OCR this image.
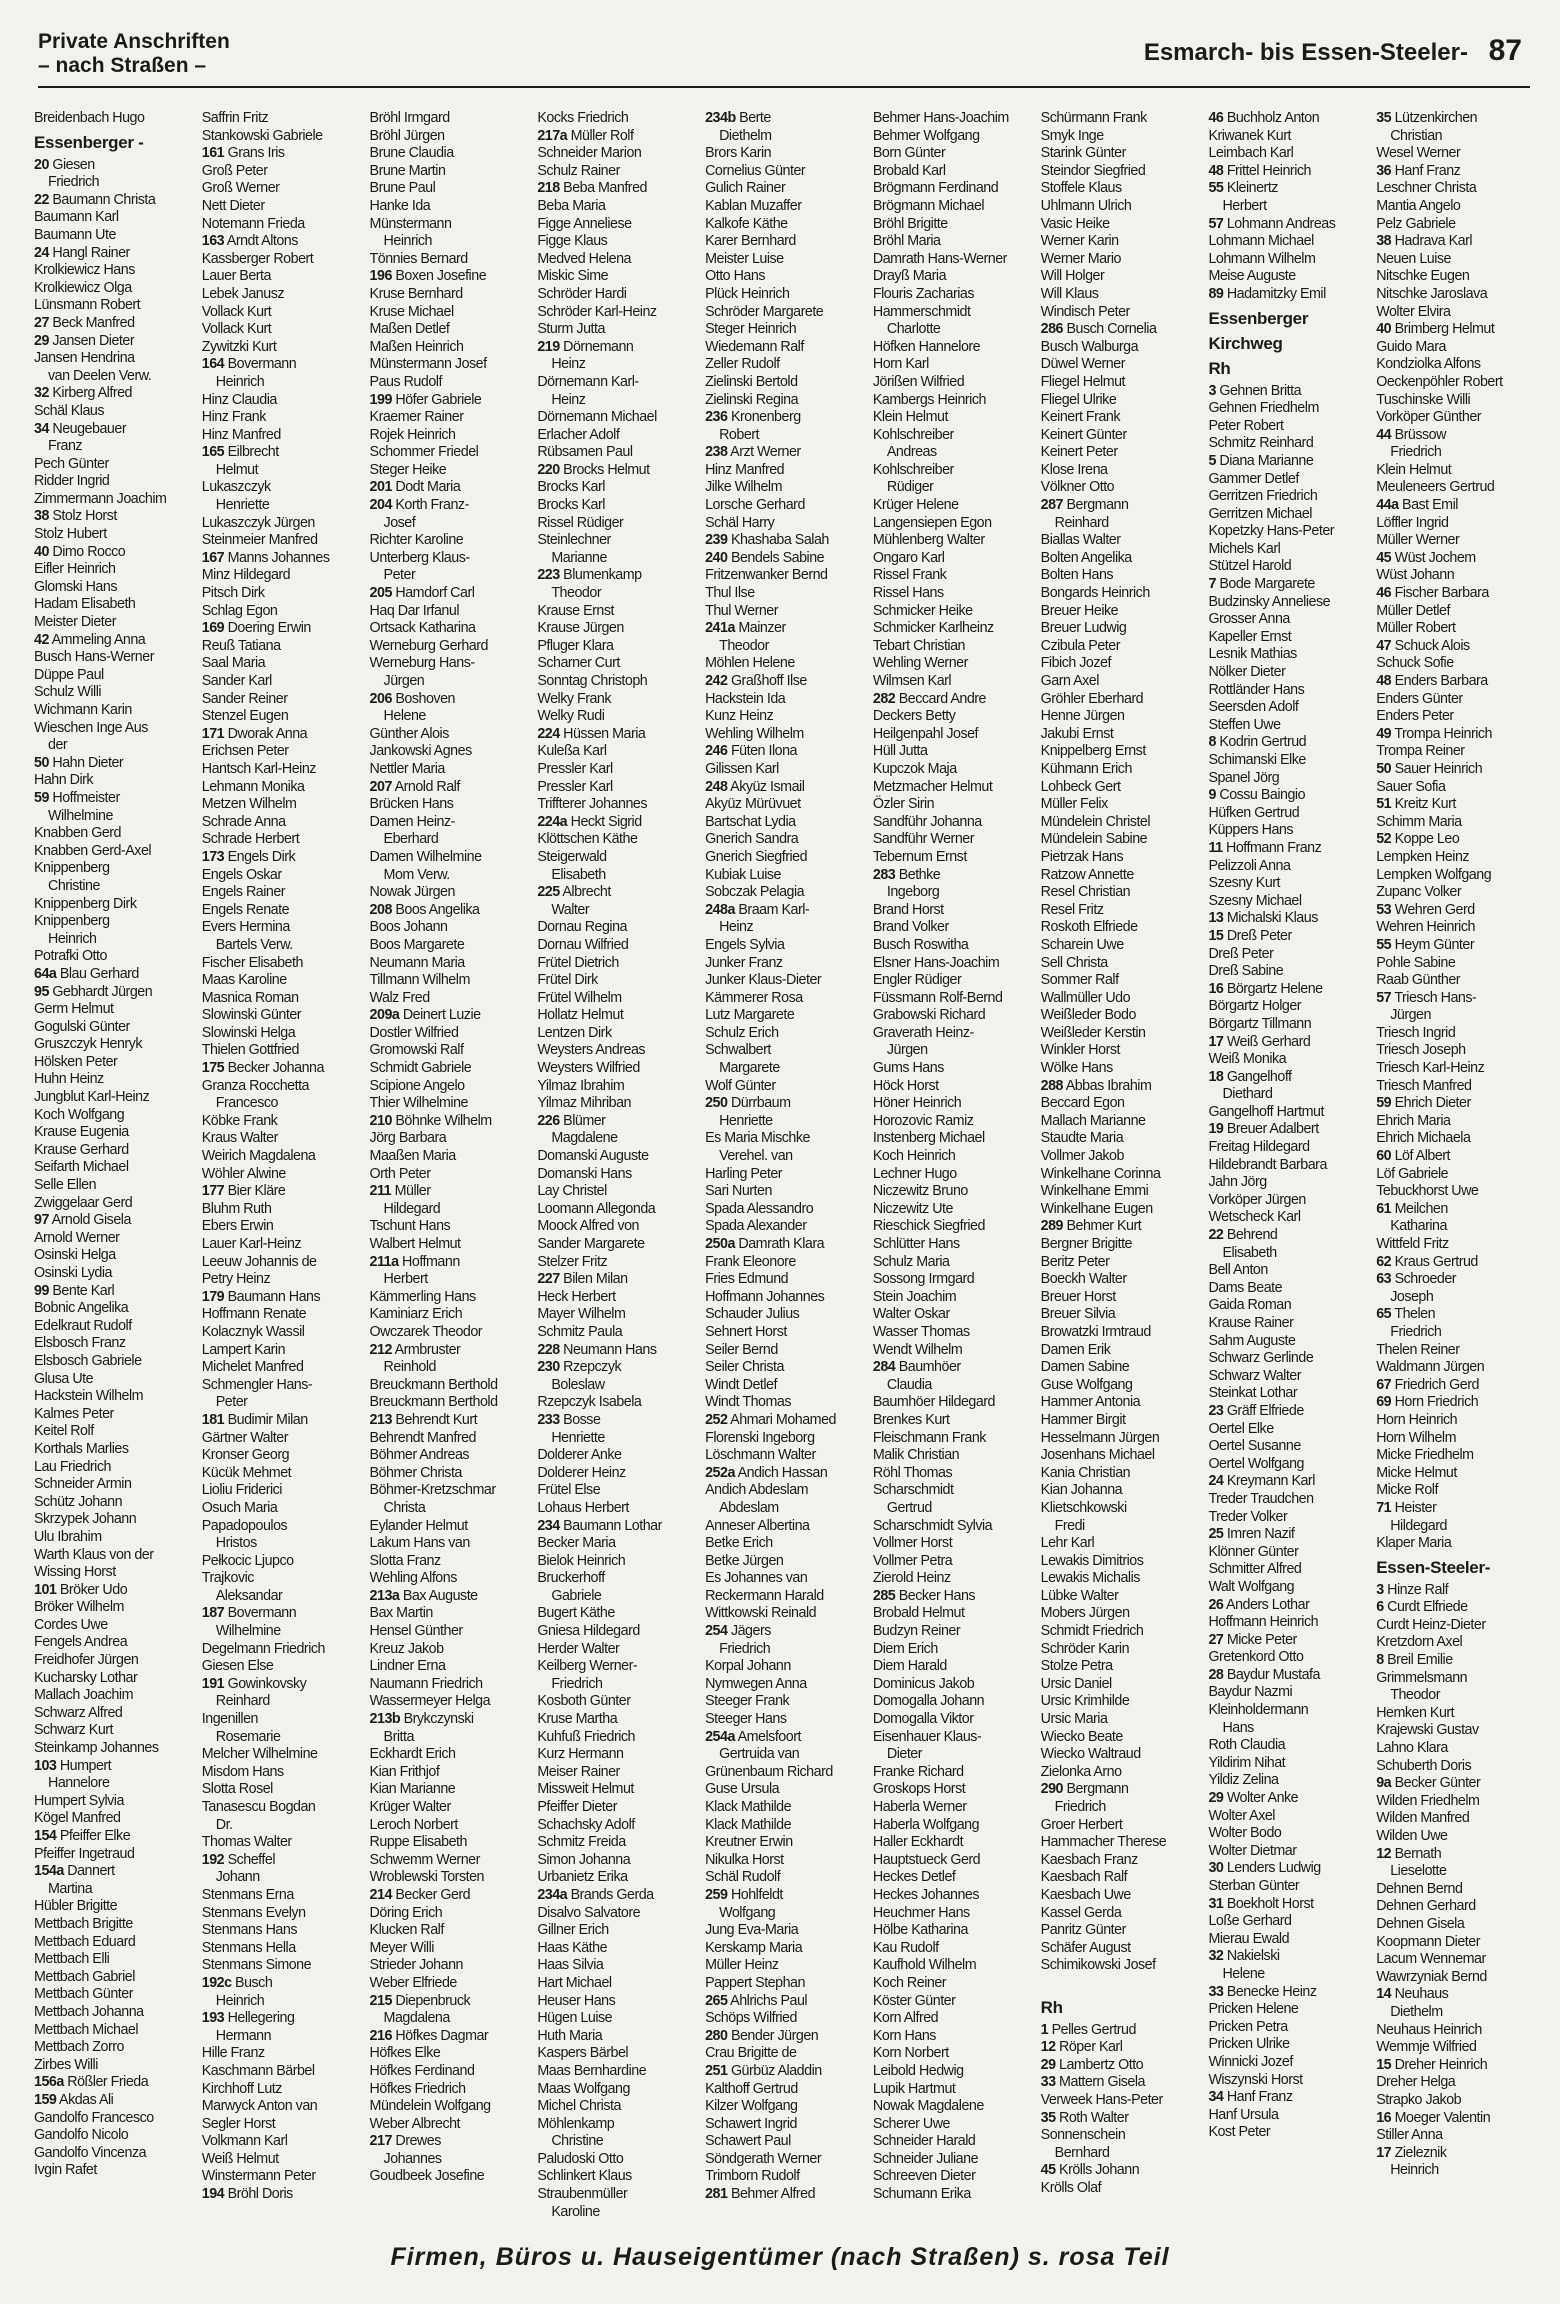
Private Anschriften
– nach Straßen –	Esmarch- bis Essen-Steeler- 87
Breidenbach Hugo
Essenberger -
20 Giesen
Friedrich
22 Baumann Christa
Baumann Karl
Baumann Ute
24 Hangl Rainer
Krolkiewicz Hans
Krolkiewicz Olga
Lünsmann Robert
27 Beck Manfred
29 Jansen Dieter
Jansen Hendrina
van Deelen Verw.
32 Kirberg Alfred
Schäl Klaus
34 Neugebauer
Franz
Pech Günter
Ridder Ingrid
Zimmermann Joachim
38 Stolz Horst
Stolz Hubert
40 Dimo Rocco
Eifler Heinrich
Glomski Hans
Hadam Elisabeth
Meister Dieter
42 Ammeling Anna
Busch Hans-Werner
Düppe Paul
Schulz Willi
Wichmann Karin
Wieschen Inge Aus
der
50 Hahn Dieter
Hahn Dirk
59 Hoffmeister
Wilhelmine
Knabben Gerd
Knabben Gerd-Axel
Knippenberg
Christine
Knippenberg Dirk
Knippenberg
Heinrich
Potrafki Otto
64a Blau Gerhard
95 Gebhardt Jürgen
Germ Helmut
Gogulski Günter
Gruszczyk Henryk
Hölsken Peter
Huhn Heinz
Jungblut Karl-Heinz
Koch Wolfgang
Krause Eugenia
Krause Gerhard
Seifarth Michael
Selle Ellen
Zwiggelaar Gerd
97 Arnold Gisela
Arnold Werner
Osinski Helga
Osinski Lydia
99 Bente Karl
Bobnic Angelika
Edelkraut Rudolf
Elsbosch Franz
Elsbosch Gabriele
Glusa Ute
Hackstein Wilhelm
Kalmes Peter
Keitel Rolf
Korthals Marlies
Lau Friedrich
Schneider Armin
Schütz Johann
Skrzypek Johann
Ulu Ibrahim
Warth Klaus von der
Wissing Horst
101 Bröker Udo
Bröker Wilhelm
Cordes Uwe
Fengels Andrea
Freidhofer Jürgen
Kucharsky Lothar
Mallach Joachim
Schwarz Alfred
Schwarz Kurt
Steinkamp Johannes
103 Humpert
Hannelore
Humpert Sylvia
Kögel Manfred
154 Pfeiffer Elke
Pfeiffer Ingetraud
154a Dannert
Martina
Hübler Brigitte
Mettbach Brigitte
Mettbach Eduard
Mettbach Elli
Mettbach Gabriel
Mettbach Günter
Mettbach Johanna
Mettbach Michael
Mettbach Zorro
Zirbes Willi
156a Rößler Frieda
159 Akdas Ali
Gandolfo Francesco
Gandolfo Nicolo
Gandolfo Vincenza
Ivgin Rafet
Saffrin Fritz
Stankowski Gabriele
161 Grans Iris
Groß Peter
Groß Werner
Nett Dieter
Notemann Frieda
163 Arndt Altons
Kassberger Robert
Lauer Berta
Lebek Janusz
Vollack Kurt
Vollack Kurt
Zywitzki Kurt
164 Bovermann
Heinrich
Hinz Claudia
Hinz Frank
Hinz Manfred
165 Eilbrecht
Helmut
Lukaszczyk
Henriette
Lukaszczyk Jürgen
Steinmeier Manfred
167 Manns Johannes
Minz Hildegard
Pitsch Dirk
Schlag Egon
169 Doering Erwin
Reuß Tatiana
Saal Maria
Sander Karl
Sander Reiner
Stenzel Eugen
171 Dworak Anna
Erichsen Peter
Hantsch Karl-Heinz
Lehmann Monika
Metzen Wilhelm
Schrade Anna
Schrade Herbert
173 Engels Dirk
Engels Oskar
Engels Rainer
Engels Renate
Evers Hermina
Bartels Verw.
Fischer Elisabeth
Maas Karoline
Masnica Roman
Slowinski Günter
Slowinski Helga
Thielen Gottfried
175 Becker Johanna
Granza Rocchetta
Francesco
Köbke Frank
Kraus Walter
Weirich Magdalena
Wöhler Alwine
177 Bier Kläre
Bluhm Ruth
Ebers Erwin
Lauer Karl-Heinz
Leeuw Johannis de
Petry Heinz
179 Baumann Hans
Hoffmann Renate
Kolacznyk Wassil
Lampert Karin
Michelet Manfred
Schmengler Hans-
Peter
181 Budimir Milan
Gärtner Walter
Kronser Georg
Kücük Mehmet
Lioliu Friderici
Osuch Maria
Papadopoulos
Hristos
Pełkocic Ljupco
Trajkovic
Aleksandar
187 Bovermann
Wilhelmine
Degelmann Friedrich
Giesen Else
191 Gowinkovsky
Reinhard
Ingenillen
Rosemarie
Melcher Wilhelmine
Misdom Hans
Slotta Rosel
Tanasescu Bogdan
Dr.
Thomas Walter
192 Scheffel
Johann
Stenmans Erna
Stenmans Evelyn
Stenmans Hans
Stenmans Hella
Stenmans Simone
192c Busch
Heinrich
193 Hellegering
Hermann
Hille Franz
Kaschmann Bärbel
Kirchhoff Lutz
Marwyck Anton van
Segler Horst
Volkmann Karl
Weiß Helmut
Winstermann Peter
194 Bröhl Doris
Bröhl Irmgard
Bröhl Jürgen
Brune Claudia
Brune Martin
Brune Paul
Hanke Ida
Münstermann
Heinrich
Tönnies Bernard
196 Boxen Josefine
Kruse Bernhard
Kruse Michael
Maßen Detlef
Maßen Heinrich
Münstermann Josef
Paus Rudolf
199 Höfer Gabriele
Kraemer Rainer
Rojek Heinrich
Schommer Friedel
Steger Heike
201 Dodt Maria
204 Korth Franz-
Josef
Richter Karoline
Unterberg Klaus-
Peter
205 Hamdorf Carl
Haq Dar Irfanul
Ortsack Katharina
Werneburg Gerhard
Werneburg Hans-
Jürgen
206 Boshoven
Helene
Günther Alois
Jankowski Agnes
Nettler Maria
207 Arnold Ralf
Brücken Hans
Damen Heinz-
Eberhard
Damen Wilhelmine
Mom Verw.
Nowak Jürgen
208 Boos Angelika
Boos Johann
Boos Margarete
Neumann Maria
Tillmann Wilhelm
Walz Fred
209a Deinert Luzie
Dostler Wilfried
Gromowski Ralf
Schmidt Gabriele
Scipione Angelo
Thier Wilhelmine
210 Böhnke Wilhelm
Jörg Barbara
Maaßen Maria
Orth Peter
211 Müller
Hildegard
Tschunt Hans
Walbert Helmut
211a Hoffmann
Herbert
Kämmerling Hans
Kaminiarz Erich
Owczarek Theodor
212 Armbruster
Reinhold
Breuckmann Berthold
Breuckmann Berthold
213 Behrendt Kurt
Behrendt Manfred
Böhmer Andreas
Böhmer Christa
Böhmer-Kretzschmar
Christa
Eylander Helmut
Lakum Hans van
Slotta Franz
Wehling Alfons
213a Bax Auguste
Bax Martin
Hensel Günther
Kreuz Jakob
Lindner Erna
Naumann Friedrich
Wassermeyer Helga
213b Brykczynski
Britta
Eckhardt Erich
Kian Frithjof
Kian Marianne
Krüger Walter
Leroch Norbert
Ruppe Elisabeth
Schwemm Werner
Wroblewski Torsten
214 Becker Gerd
Döring Erich
Klucken Ralf
Meyer Willi
Strieder Johann
Weber Elfriede
215 Diepenbruck
Magdalena
216 Höfkes Dagmar
Höfkes Elke
Höfkes Ferdinand
Höfkes Friedrich
Mündelein Wolfgang
Weber Albrecht
217 Drewes
Johannes
Goudbeek Josefine
Kocks Friedrich
217a Müller Rolf
Schneider Marion
Schulz Rainer
218 Beba Manfred
Beba Maria
Figge Anneliese
Figge Klaus
Medved Helena
Miskic Sime
Schröder Hardi
Schröder Karl-Heinz
Sturm Jutta
219 Dörnemann
Heinz
Dörnemann Karl-
Heinz
Dörnemann Michael
Erlacher Adolf
Rübsamen Paul
220 Brocks Helmut
Brocks Karl
Brocks Karl
Rissel Rüdiger
Steinlechner
Marianne
223 Blumenkamp
Theodor
Krause Ernst
Krause Jürgen
Pfluger Klara
Scharner Curt
Sonntag Christoph
Welky Frank
Welky Rudi
224 Hüssen Maria
Kuleßa Karl
Pressler Karl
Pressler Karl
Triffterer Johannes
224a Heckt Sigrid
Klöttschen Käthe
Steigerwald
Elisabeth
225 Albrecht
Walter
Dornau Regina
Dornau Wilfried
Frütel Dietrich
Frütel Dirk
Frütel Wilhelm
Hollatz Helmut
Lentzen Dirk
Weysters Andreas
Weysters Wilfried
Yilmaz Ibrahim
Yilmaz Mihriban
226 Blümer
Magdalene
Domanski Auguste
Domanski Hans
Lay Christel
Loomann Allegonda
Moock Alfred von
Sander Margarete
Stelzer Fritz
227 Bilen Milan
Heck Herbert
Mayer Wilhelm
Schmitz Paula
228 Neumann Hans
230 Rzepczyk
Boleslaw
Rzepczyk Isabela
233 Bosse
Henriette
Dolderer Anke
Dolderer Heinz
Frütel Else
Lohaus Herbert
234 Baumann Lothar
Becker Maria
Bielok Heinrich
Bruckerhoff
Gabriele
Bugert Käthe
Gniesa Hildegard
Herder Walter
Keilberg Werner-
Friedrich
Kosboth Günter
Kruse Martha
Kuhfuß Friedrich
Kurz Hermann
Meiser Rainer
Missweit Helmut
Pfeiffer Dieter
Schachsky Adolf
Schmitz Freida
Simon Johanna
Urbanietz Erika
234a Brands Gerda
Disalvo Salvatore
Gillner Erich
Haas Käthe
Haas Silvia
Hart Michael
Heuser Hans
Hügen Luise
Huth Maria
Kaspers Bärbel
Maas Bernhardine
Maas Wolfgang
Michel Christa
Möhlenkamp
Christine
Paludoski Otto
Schlinkert Klaus
Straubenmüller
Karoline
234b Berte
Diethelm
Brors Karin
Cornelius Günter
Gulich Rainer
Kablan Muzaffer
Kalkofe Käthe
Karer Bernhard
Meister Luise
Otto Hans
Plück Heinrich
Schröder Margarete
Steger Heinrich
Wiedemann Ralf
Zeller Rudolf
Zielinski Bertold
Zielinski Regina
236 Kronenberg
Robert
238 Arzt Werner
Hinz Manfred
Jilke Wilhelm
Lorsche Gerhard
Schäl Harry
239 Khashaba Salah
240 Bendels Sabine
Fritzenwanker Bernd
Thul Ilse
Thul Werner
241a Mainzer
Theodor
Möhlen Helene
242 Graßhoff Ilse
Hackstein Ida
Kunz Heinz
Wehling Wilhelm
246 Füten Ilona
Gilissen Karl
248 Akyüz Ismail
Akyüz Mürüvuet
Bartschat Lydia
Gnerich Sandra
Gnerich Siegfried
Kubiak Luise
Sobczak Pelagia
248a Braam Karl-
Heinz
Engels Sylvia
Junker Franz
Junker Klaus-Dieter
Kämmerer Rosa
Lutz Margarete
Schulz Erich
Schwalbert
Margarete
Wolf Günter
250 Dürrbaum
Henriette
Es Maria Mischke
Verehel. van
Harling Peter
Sari Nurten
Spada Alessandro
Spada Alexander
250a Damrath Klara
Frank Eleonore
Fries Edmund
Hoffmann Johannes
Schauder Julius
Sehnert Horst
Seiler Bernd
Seiler Christa
Windt Detlef
Windt Thomas
252 Ahmari Mohamed
Florenski Ingeborg
Löschmann Walter
252a Andich Hassan
Andich Abdeslam
Abdeslam
Anneser Albertina
Betke Erich
Betke Jürgen
Es Johannes van
Reckermann Harald
Wittkowski Reinald
254 Jägers
Friedrich
Korpal Johann
Nymwegen Anna
Steeger Frank
Steeger Hans
254a Amelsfoort
Gertruida van
Grünenbaum Richard
Guse Ursula
Klack Mathilde
Klack Mathilde
Kreutner Erwin
Nikulka Horst
Schäl Rudolf
259 Hohlfeldt
Wolfgang
Jung Eva-Maria
Kerskamp Maria
Müller Heinz
Pappert Stephan
265 Ahlrichs Paul
Schöps Wilfried
280 Bender Jürgen
Crau Brigitte de
251 Gürbüz Aladdin
Kalthoff Gertrud
Kilzer Wolfgang
Schawert Ingrid
Schawert Paul
Söndgerath Werner
Trimborn Rudolf
281 Behmer Alfred
Behmer Hans-Joachim
Behmer Wolfgang
Born Günter
Brobald Karl
Brögmann Ferdinand
Brögmann Michael
Bröhl Brigitte
Bröhl Maria
Damrath Hans-Werner
Drayß Maria
Flouris Zacharias
Hammerschmidt
Charlotte
Höfken Hannelore
Horn Karl
Jörißen Wilfried
Kambergs Heinrich
Klein Helmut
Kohlschreiber
Andreas
Kohlschreiber
Rüdiger
Krüger Helene
Langensiepen Egon
Mühlenberg Walter
Ongaro Karl
Rissel Frank
Rissel Hans
Schmicker Heike
Schmicker Karlheinz
Tebart Christian
Wehling Werner
Wilmsen Karl
282 Beccard Andre
Deckers Betty
Heilgenpahl Josef
Hüll Jutta
Kupczok Maja
Metzmacher Helmut
Özler Sirin
Sandführ Johanna
Sandführ Werner
Tebernum Ernst
283 Bethke
Ingeborg
Brand Horst
Brand Volker
Busch Roswitha
Elsner Hans-Joachim
Engler Rüdiger
Füssmann Rolf-Bernd
Grabowski Richard
Graverath Heinz-
Jürgen
Gums Hans
Höck Horst
Höner Heinrich
Horozovic Ramiz
Instenberg Michael
Koch Heinrich
Lechner Hugo
Niczewitz Bruno
Niczewitz Ute
Rieschick Siegfried
Schlütter Hans
Schulz Maria
Sossong Irmgard
Stein Joachim
Walter Oskar
Wasser Thomas
Wendt Wilhelm
284 Baumhöer
Claudia
Baumhöer Hildegard
Brenkes Kurt
Fleischmann Frank
Malik Christian
Röhl Thomas
Scharschmidt
Gertrud
Scharschmidt Sylvia
Vollmer Horst
Vollmer Petra
Zierold Heinz
285 Becker Hans
Brobald Helmut
Budzyn Reiner
Diem Erich
Diem Harald
Dominicus Jakob
Domogalla Johann
Domogalla Viktor
Eisenhauer Klaus-
Dieter
Franke Richard
Groskops Horst
Haberla Werner
Haberla Wolfgang
Haller Eckhardt
Hauptstueck Gerd
Heckes Detlef
Heckes Johannes
Heuchmer Hans
Hölbe Katharina
Kau Rudolf
Kaufhold Wilhelm
Koch Reiner
Köster Günter
Korn Alfred
Korn Hans
Korn Norbert
Leibold Hedwig
Lupik Hartmut
Nowak Magdalene
Scherer Uwe
Schneider Harald
Schneider Juliane
Schreeven Dieter
Schumann Erika
Schürmann Frank
Smyk Inge
Starink Günter
Steindor Siegfried
Stoffele Klaus
Uhlmann Ulrich
Vasic Heike
Werner Karin
Werner Mario
Will Holger
Will Klaus
Windisch Peter
286 Busch Cornelia
Busch Walburga
Düwel Werner
Fliegel Helmut
Fliegel Ulrike
Keinert Frank
Keinert Günter
Keinert Peter
Klose Irena
Völkner Otto
287 Bergmann
Reinhard
Biallas Walter
Bolten Angelika
Bolten Hans
Bongards Heinrich
Breuer Heike
Breuer Ludwig
Czibula Peter
Fibich Jozef
Garn Axel
Gröhler Eberhard
Henne Jürgen
Jakubi Ernst
Knippelberg Ernst
Kühmann Erich
Lohbeck Gert
Müller Felix
Mündelein Christel
Mündelein Sabine
Pietrzak Hans
Ratzow Annette
Resel Christian
Resel Fritz
Roskoth Elfriede
Scharein Uwe
Sell Christa
Sommer Ralf
Wallmüller Udo
Weißleder Bodo
Weißleder Kerstin
Winkler Horst
Wölke Hans
288 Abbas Ibrahim
Beccard Egon
Mallach Marianne
Staudte Maria
Vollmer Jakob
Winkelhane Corinna
Winkelhane Emmi
Winkelhane Eugen
289 Behmer Kurt
Bergner Brigitte
Beritz Peter
Boeckh Walter
Breuer Horst
Breuer Silvia
Browatzki Irmtraud
Damen Erik
Damen Sabine
Guse Wolfgang
Hammer Antonia
Hammer Birgit
Hesselmann Jürgen
Josenhans Michael
Kania Christian
Kian Johanna
Klietschkowski
Fredi
Lehr Karl
Lewakis Dimitrios
Lewakis Michalis
Lübke Walter
Mobers Jürgen
Schmidt Friedrich
Schröder Karin
Stolze Petra
Ursic Daniel
Ursic Krimhilde
Ursic Maria
Wiecko Beate
Wiecko Waltraud
Zielonka Arno
290 Bergmann
Friedrich
Groer Herbert
Hammacher Therese
Kaesbach Franz
Kaesbach Ralf
Kaesbach Uwe
Kassel Gerda
Panritz Günter
Schäfer August
Schimikowski Josef

Rh
1 Pelles Gertrud
12 Röper Karl
29 Lambertz Otto
33 Mattern Gisela
Verweek Hans-Peter
35 Roth Walter
Sonnenschein
Bernhard
45 Krölls Johann
Krölls Olaf
46 Buchholz Anton
Kriwanek Kurt
Leimbach Karl
48 Frittel Heinrich
55 Kleinertz
Herbert
57 Lohmann Andreas
Lohmann Michael
Lohmann Wilhelm
Meise Auguste
89 Hadamitzky Emil
Essenberger
Kirchweg
Rh
3 Gehnen Britta
Gehnen Friedhelm
Peter Robert
Schmitz Reinhard
5 Diana Marianne
Gammer Detlef
Gerritzen Friedrich
Gerritzen Michael
Kopetzky Hans-Peter
Michels Karl
Stützel Harold
7 Bode Margarete
Budzinsky Anneliese
Grosser Anna
Kapeller Ernst
Lesnik Mathias
Nölker Dieter
Rottländer Hans
Seersden Adolf
Steffen Uwe
8 Kodrin Gertrud
Schimanski Elke
Spanel Jörg
9 Cossu Baingio
Hüfken Gertrud
Küppers Hans
11 Hoffmann Franz
Pelizzoli Anna
Szesny Kurt
Szesny Michael
13 Michalski Klaus
15 Dreß Peter
Dreß Peter
Dreß Sabine
16 Börgartz Helene
Börgartz Holger
Börgartz Tillmann
17 Weiß Gerhard
Weiß Monika
18 Gangelhoff
Diethard
Gangelhoff Hartmut
19 Breuer Adalbert
Freitag Hildegard
Hildebrandt Barbara
Jahn Jörg
Vorköper Jürgen
Wetscheck Karl
22 Behrend
Elisabeth
Bell Anton
Dams Beate
Gaida Roman
Krause Rainer
Sahm Auguste
Schwarz Gerlinde
Schwarz Walter
Steinkat Lothar
23 Gräff Elfriede
Oertel Elke
Oertel Susanne
Oertel Wolfgang
24 Kreymann Karl
Treder Traudchen
Treder Volker
25 Imren Nazif
Klönner Günter
Schmitter Alfred
Walt Wolfgang
26 Anders Lothar
Hoffmann Heinrich
27 Micke Peter
Gretenkord Otto
28 Baydur Mustafa
Baydur Nazmi
Kleinholdermann
Hans
Roth Claudia
Yildirim Nihat
Yildiz Zelina
29 Wolter Anke
Wolter Axel
Wolter Bodo
Wolter Dietmar
30 Lenders Ludwig
Sterban Günter
31 Boekholt Horst
Loße Gerhard
Mierau Ewald
32 Nakielski
Helene
33 Benecke Heinz
Pricken Helene
Pricken Petra
Pricken Ulrike
Winnicki Jozef
Wiszynski Horst
34 Hanf Franz
Hanf Ursula
Kost Peter
35 Lützenkirchen
Christian
Wesel Werner
36 Hanf Franz
Leschner Christa
Mantia Angelo
Pelz Gabriele
38 Hadrava Karl
Neuen Luise
Nitschke Eugen
Nitschke Jaroslava
Wolter Elvira
40 Brimberg Helmut
Guido Mara
Kondziolka Alfons
Oeckenpöhler Robert
Tuschinske Willi
Vorköper Günther
44 Brüssow
Friedrich
Klein Helmut
Meuleneers Gertrud
44a Bast Emil
Löffler Ingrid
Müller Werner
45 Wüst Jochem
Wüst Johann
46 Fischer Barbara
Müller Detlef
Müller Robert
47 Schuck Alois
Schuck Sofie
48 Enders Barbara
Enders Günter
Enders Peter
49 Trompa Heinrich
Trompa Reiner
50 Sauer Heinrich
Sauer Sofia
51 Kreitz Kurt
Schimm Maria
52 Koppe Leo
Lempken Heinz
Lempken Wolfgang
Zupanc Volker
53 Wehren Gerd
Wehren Heinrich
55 Heym Günter
Pohle Sabine
Raab Günther
57 Triesch Hans-
Jürgen
Triesch Ingrid
Triesch Joseph
Triesch Karl-Heinz
Triesch Manfred
59 Ehrich Dieter
Ehrich Maria
Ehrich Michaela
60 Löf Albert
Löf Gabriele
Tebuckhorst Uwe
61 Meilchen
Katharina
Wittfeld Fritz
62 Kraus Gertrud
63 Schroeder
Joseph
65 Thelen
Friedrich
Thelen Reiner
Waldmann Jürgen
67 Friedrich Gerd
69 Horn Friedrich
Horn Heinrich
Horn Wilhelm
Micke Friedhelm
Micke Helmut
Micke Rolf
71 Heister
Hildegard
Klaper Maria
Essen-Steeler-
3 Hinze Ralf
6 Curdt Elfriede
Curdt Heinz-Dieter
Kretzdorn Axel
8 Breil Emilie
Grimmelsmann
Theodor
Hemken Kurt
Krajewski Gustav
Lahno Klara
Schuberth Doris
9a Becker Günter
Wilden Friedhelm
Wilden Manfred
Wilden Uwe
12 Bernath
Lieselotte
Dehnen Bernd
Dehnen Gerhard
Dehnen Gisela
Koopmann Dieter
Lacum Wennemar
Wawrzyniak Bernd
14 Neuhaus
Diethelm
Neuhaus Heinrich
Wemmje Wilfried
15 Dreher Heinrich
Dreher Helga
Strapko Jakob
16 Moeger Valentin
Stiller Anna
17 Zieleznik
Heinrich
Firmen, Büros u. Hauseigentümer (nach Straßen) s. rosa Teil
